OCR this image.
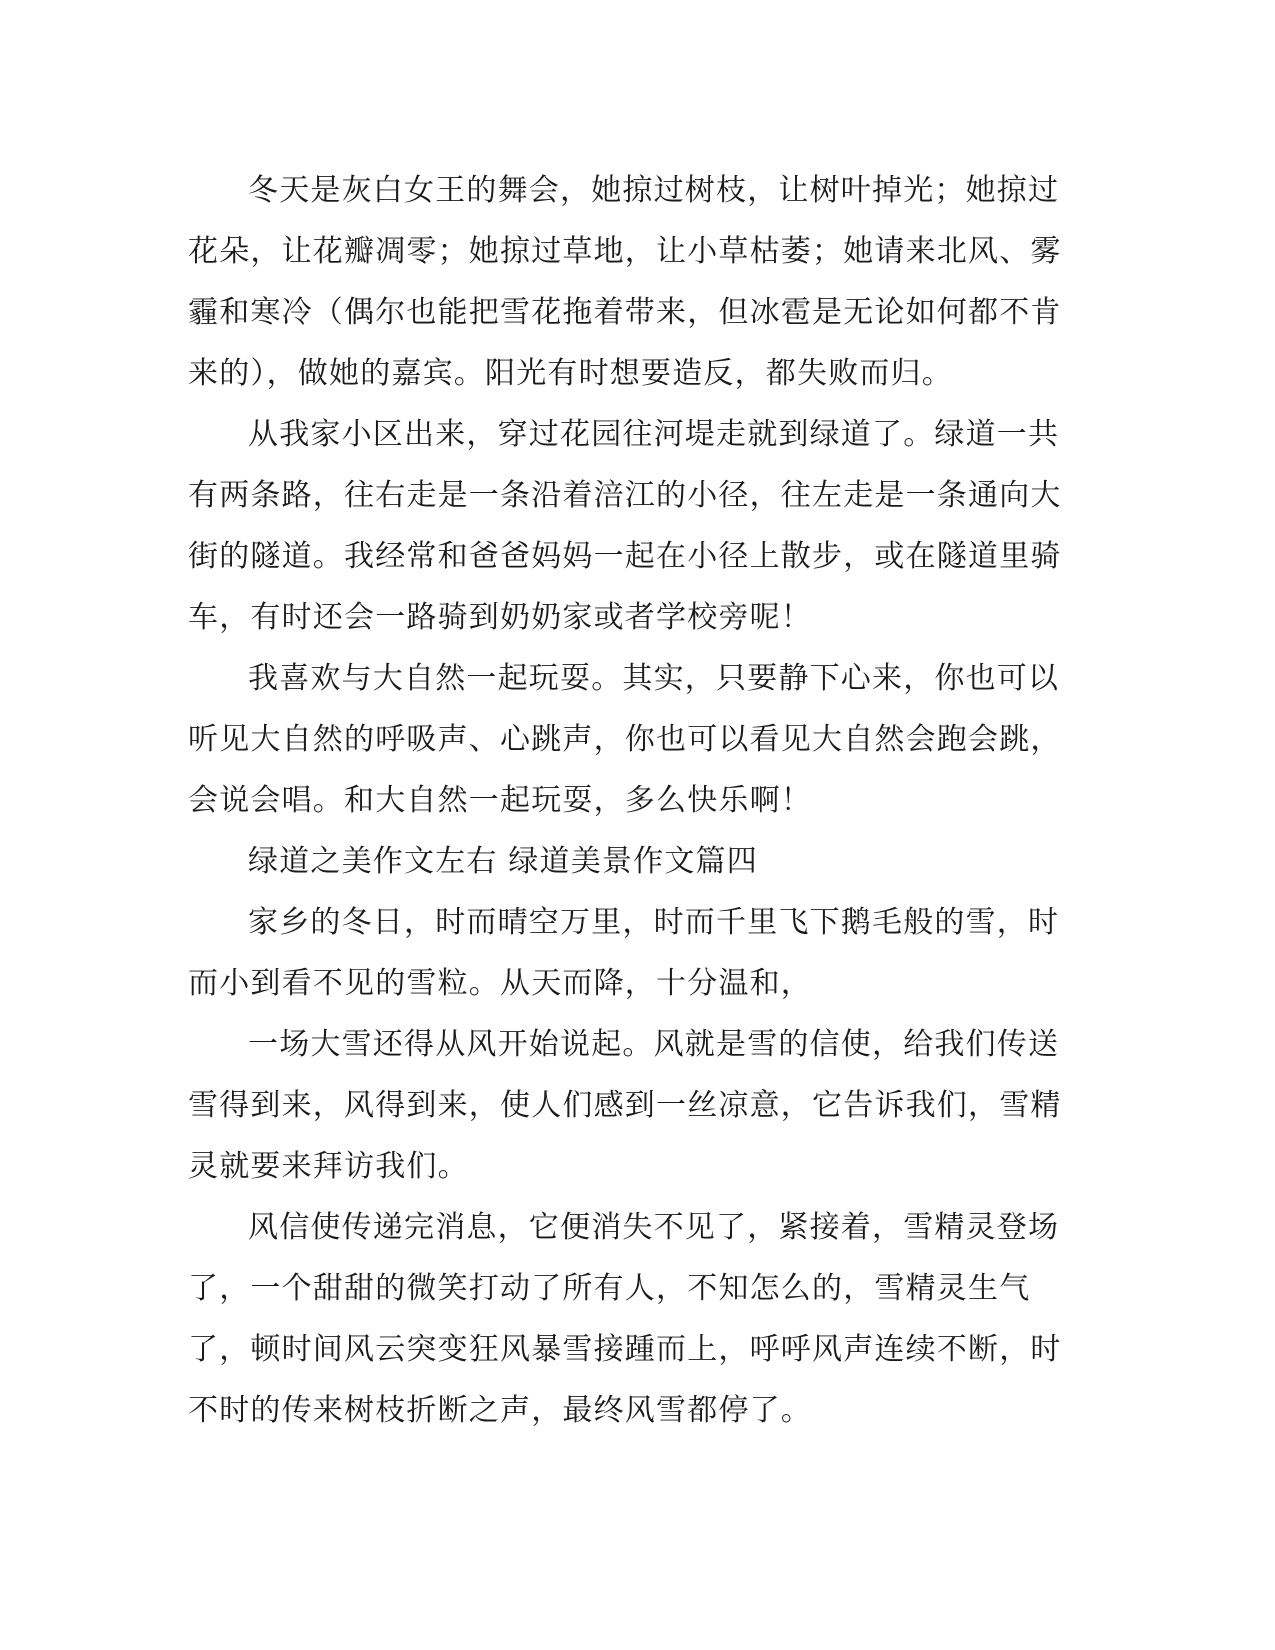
冬天是灰白女王的舞会，她掠过树枝，让树叶掉光；她掠过花朵，让花瓣凋零；她掠过草地，让小草枯萎；她请来北风、雾霾和寒冷（偶尔也能把雪花拖着带来，但冰雹是无论如何都不肯来的），做她的嘉宾。阳光有时想要造反，都失败而归。

从我家小区出来，穿过花园往河堤走就到绿道了。绿道一共有两条路，往右走是一条沿着涪江的小径，往左走是一条通向大街的隧道。我经常和爸爸妈妈一起在小径上散步，或在隧道里骑车，有时还会一路骑到奶奶家或者学校旁呢！

我喜欢与大自然一起玩耍。其实，只要静下心来，你也可以听见大自然的呼吸声、心跳声，你也可以看见大自然会跑会跳，会说会唱。和大自然一起玩耍，多么快乐啊！

绿道之美作文左右 绿道美景作文篇四

家乡的冬日，时而晴空万里，时而千里飞下鹅毛般的雪，时而小到看不见的雪粒。从天而降，十分温和，

一场大雪还得从风开始说起。风就是雪的信使，给我们传送雪得到来，风得到来，使人们感到一丝凉意，它告诉我们，雪精灵就要来拜访我们。

风信使传递完消息，它便消失不见了，紧接着，雪精灵登场了，一个甜甜的微笑打动了所有人，不知怎么的，雪精灵生气了，顿时间风云突变狂风暴雪接踵而上，呼呼风声连续不断，时不时的传来树枝折断之声，最终风雪都停了。
